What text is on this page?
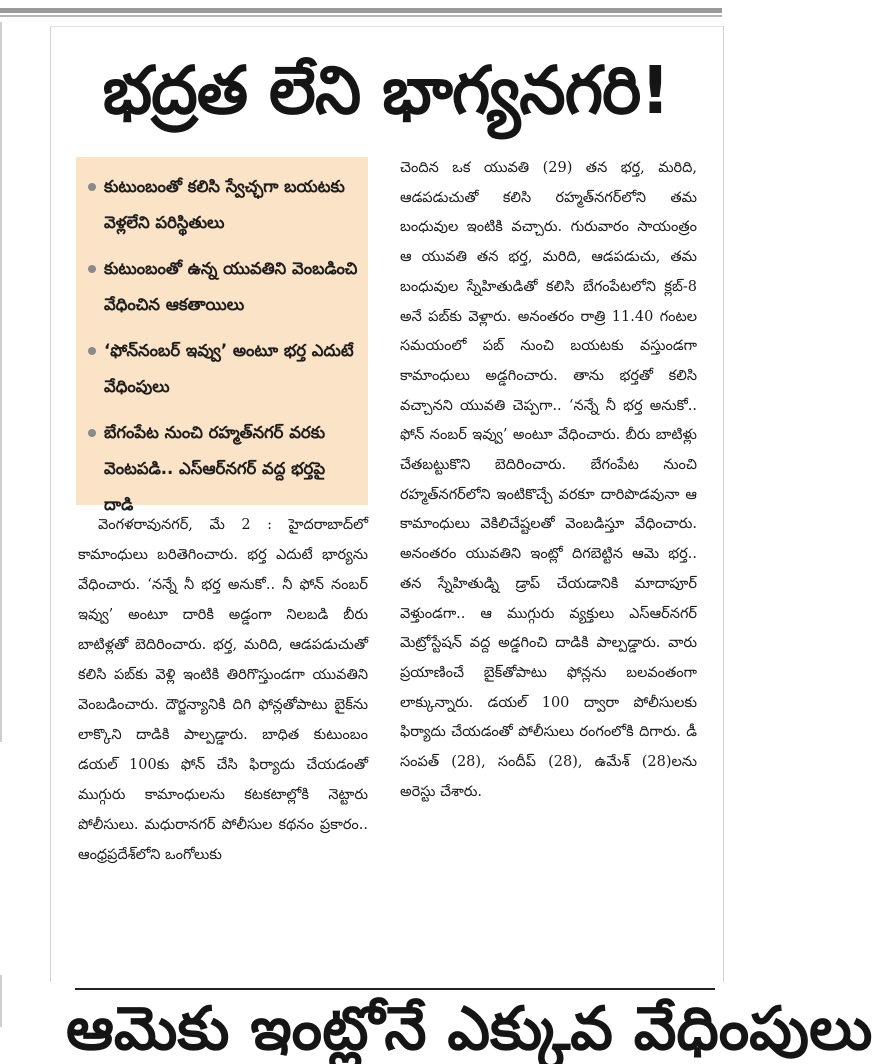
భద్రత లేని భాగ్యనగరి!
కుటుంబంతో కలిసి స్వేచ్ఛగా బయటకు వెళ్లలేని పరిస్థితులు
కుటుంబంతో ఉన్న యువతిని వెంబడించి వేధించిన ఆకతాయిలు
‘ఫోన్‌నంబర్‌ ఇవ్వు’ అంటూ భర్త ఎదుటే వేధింపులు
బేగంపేట నుంచి రహ్మత్‌నగర్‌ వరకు వెంటపడి.. ఎస్‌ఆర్‌నగర్‌ వద్ద భర్తపై దాడి

వెంగళరావునగర్, మే 2 : హైదరాబాద్‌లో కామాంధులు బరితెగించారు. భర్త ఎదుటే భార్యను వేధించారు. ‘నన్నే నీ భర్త అనుకో.. నీ ఫోన్ నంబర్ ఇవ్వు’ అంటూ దారికి అడ్డంగా నిలబడి బీరు బాటిళ్లతో బెదిరించారు. భర్త, మరిది, ఆడపడుచుతో కలిసి పబ్‌కు వెళ్లి ఇంటికి తిరిగొస్తుండగా యువతిని వెంబడించారు. దౌర్జన్యానికి దిగి ఫోన్లతోపాటు బైక్‌ను లాక్కొని దాడికి పాల్పడ్డారు. బాధిత కుటుంబం డయల్ 100కు ఫోన్ చేసి ఫిర్యాదు చేయడంతో ముగ్గురు కామాంధులను కటకటాల్లోకి నెట్టారు పోలీసులు. మధురానగర్ పోలీసుల కథనం ప్రకారం.. ఆంధ్రప్రదేశ్‌లోని ఒంగోలుకు

చెందిన ఒక యువతి (29) తన భర్త, మరిది, ఆడపడుచుతో కలిసి రహ్మత్‌నగర్‌లోని తమ బంధువుల ఇంటికి వచ్చారు. గురువారం సాయంత్రం ఆ యువతి తన భర్త, మరిది, ఆడపడుచు, తమ బంధువుల స్నేహితుడితో కలిసి బేగంపేటలోని క్లబ్-8 అనే పబ్‌కు వెళ్లారు. అనంతరం రాత్రి 11.40 గంటల సమయంలో పబ్ నుంచి బయటకు వస్తుండగా కామాంధులు అడ్డగించారు. తాను భర్తతో కలిసి వచ్చానని యువతి చెప్పగా.. ‘నన్నే నీ భర్త అనుకో.. ఫోన్ నంబర్ ఇవ్వు’ అంటూ వేధించారు. బీరు బాటిళ్లు చేతబట్టుకొని బెదిరించారు. బేగంపేట నుంచి రహ్మత్‌నగర్‌లోని ఇంటికొచ్చే వరకూ దారిపొడవునా ఆ కామాంధులు వెకిలిచేష్టలతో వెంబడిస్తూ వేధించారు. అనంతరం యువతిని ఇంట్లో దిగబెట్టిన ఆమె భర్త.. తన స్నేహితుడ్ని డ్రాప్ చేయడానికి మాదాపూర్ వెళ్తుండగా.. ఆ ముగ్గురు వ్యక్తులు ఎస్‌ఆర్‌నగర్ మెట్రోస్టేషన్ వద్ద అడ్డగించి దాడికి పాల్పడ్డారు. వారు ప్రయాణించే బైక్‌తోపాటు ఫోన్లను బలవంతంగా లాక్కున్నారు. డయల్ 100 ద్వారా పోలీసులకు ఫిర్యాదు చేయడంతో పోలీసులు రంగంలోకి దిగారు. డీ సంపత్ (28), సందీప్ (28), ఉమేశ్ (28)లను అరెస్టు చేశారు.

ఆమెకు ఇంట్లోనే ఎక్కువ వేధింపులు
